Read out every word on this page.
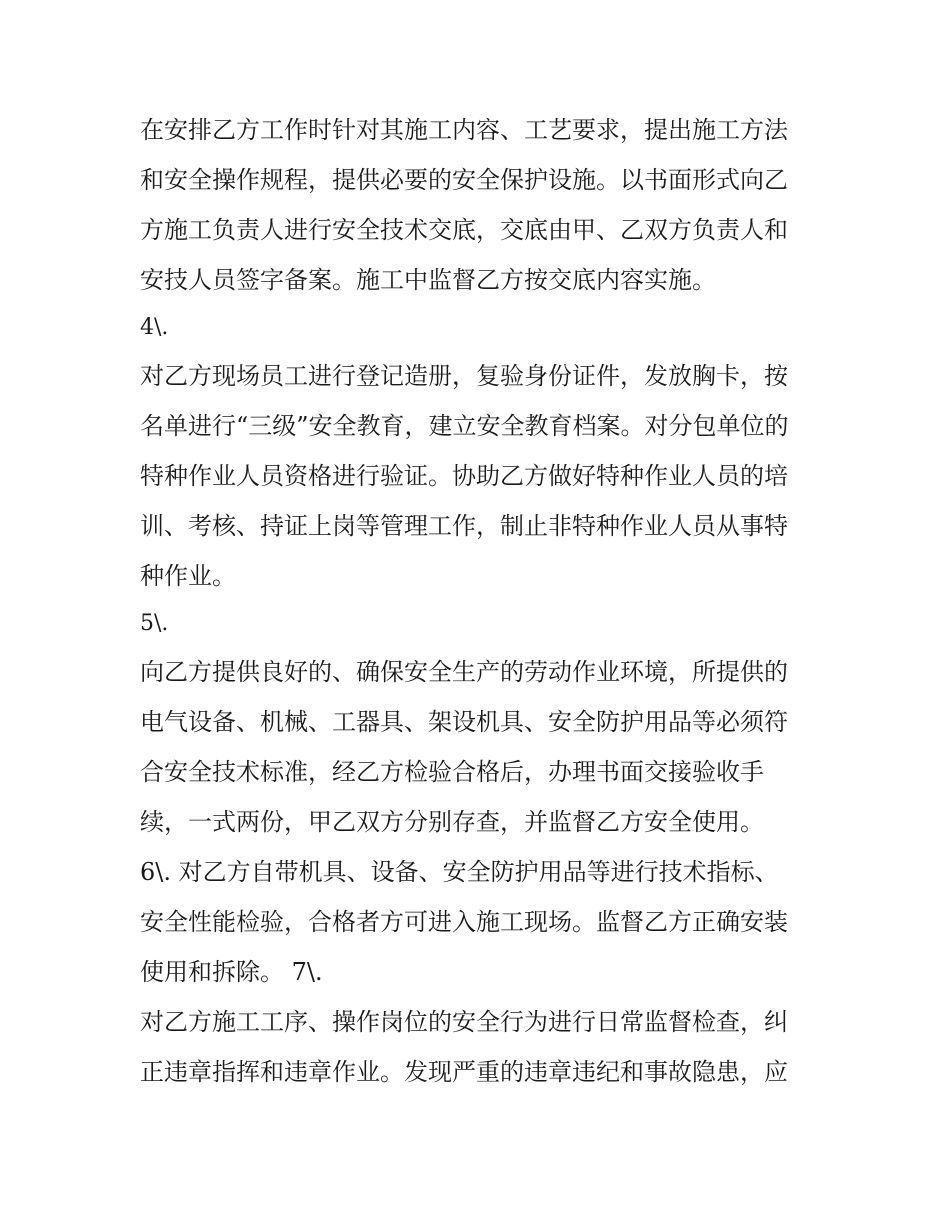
在安排乙方工作时针对其施工内容、工艺要求，提出施工方法
和安全操作规程，提供必要的安全保护设施。以书面形式向乙
方施工负责人进行安全技术交底，交底由甲、乙双方负责人和
安技人员签字备案。施工中监督乙方按交底内容实施。
4\.
对乙方现场员工进行登记造册，复验身份证件，发放胸卡，按
名单进行“三级”安全教育，建立安全教育档案。对分包单位的
特种作业人员资格进行验证。协助乙方做好特种作业人员的培
训、考核、持证上岗等管理工作，制止非特种作业人员从事特
种作业。
5\.
向乙方提供良好的、确保安全生产的劳动作业环境，所提供的
电气设备、机械、工器具、架设机具、安全防护用品等必须符
合安全技术标准，经乙方检验合格后，办理书面交接验收手
续，一式两份，甲乙双方分别存查，并监督乙方安全使用。
6\. 对乙方自带机具、设备、安全防护用品等进行技术指标、
安全性能检验，合格者方可进入施工现场。监督乙方正确安装
使用和拆除。 7\.
对乙方施工工序、操作岗位的安全行为进行日常监督检查，纠
正违章指挥和违章作业。发现严重的违章违纪和事故隐患，应
